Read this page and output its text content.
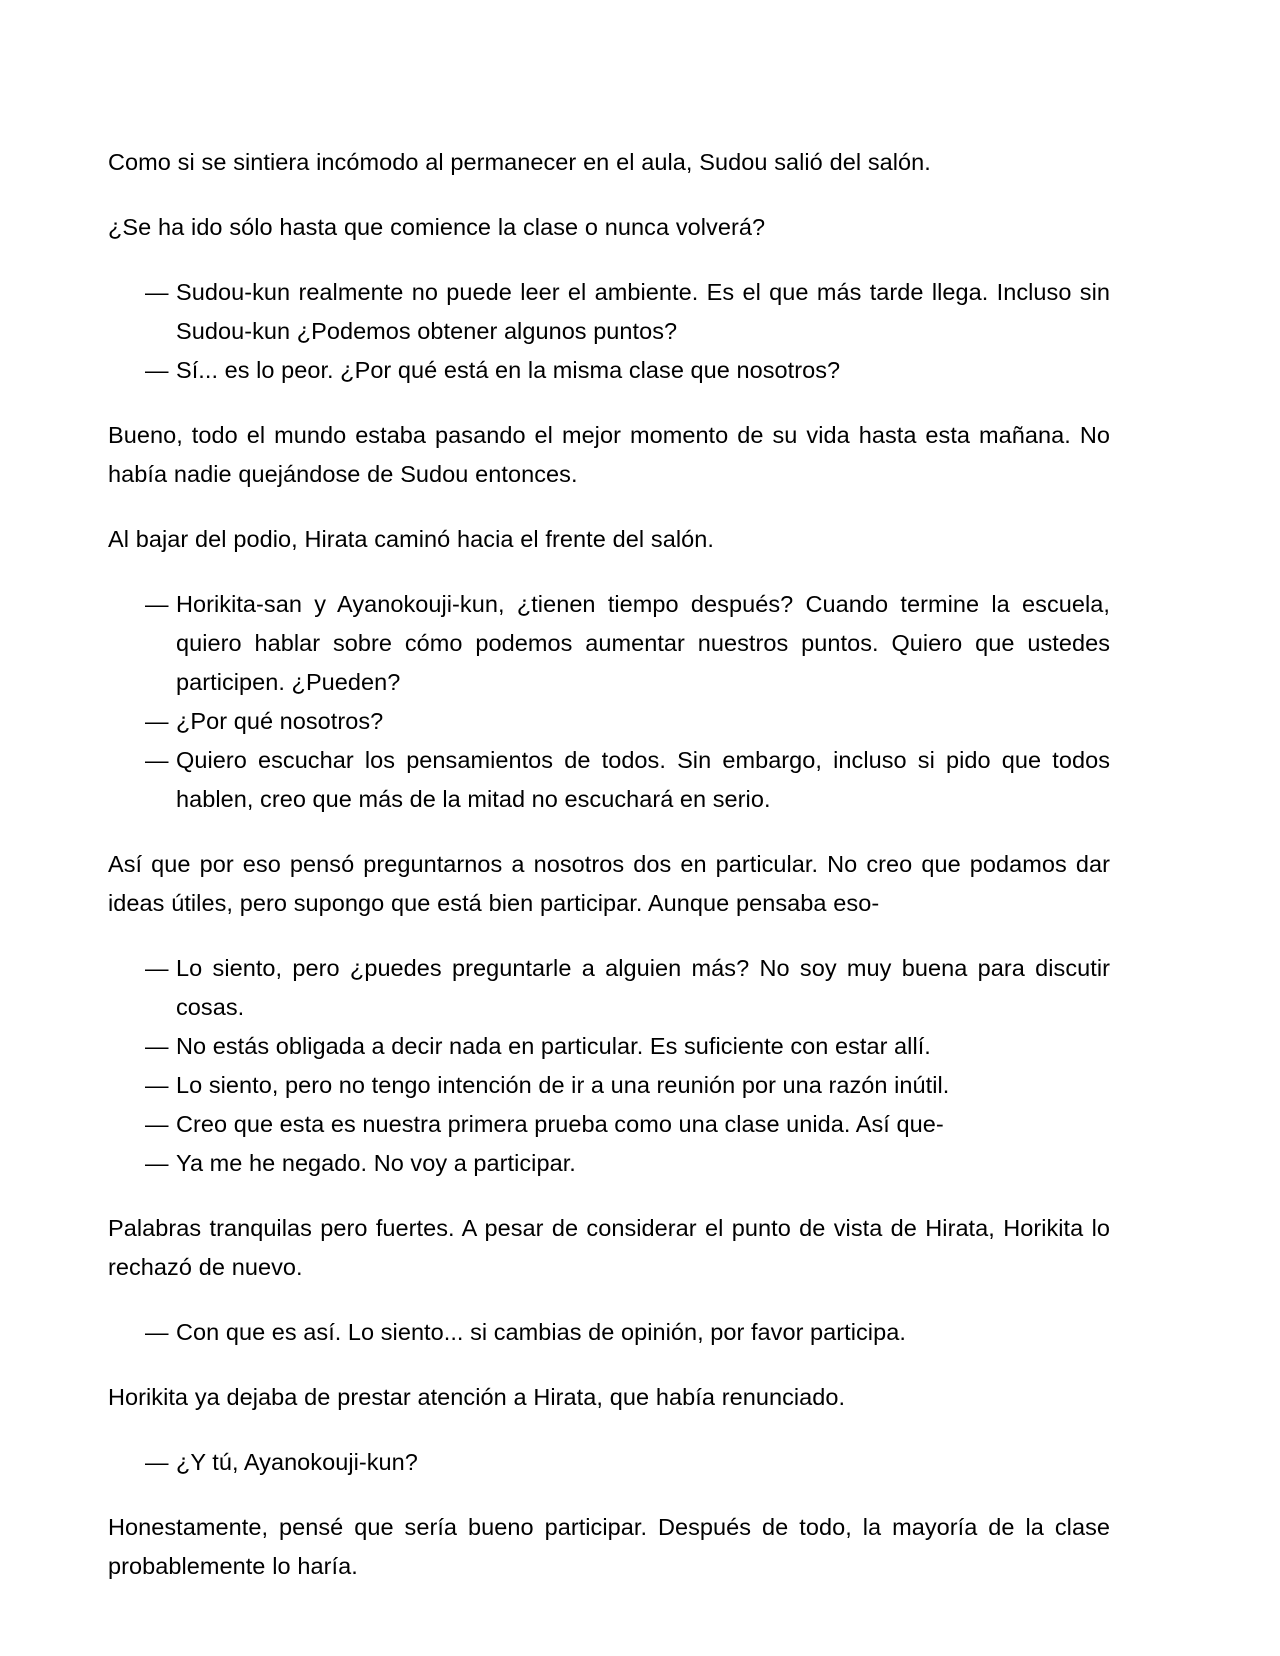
Como si se sintiera incómodo al permanecer en el aula, Sudou salió del salón.

¿Se ha ido sólo hasta que comience la clase o nunca volverá?

— Sudou-kun realmente no puede leer el ambiente. Es el que más tarde llega. Incluso sin Sudou-kun ¿Podemos obtener algunos puntos?

— Sí... es lo peor. ¿Por qué está en la misma clase que nosotros?

Bueno, todo el mundo estaba pasando el mejor momento de su vida hasta esta mañana. No había nadie quejándose de Sudou entonces.

Al bajar del podio, Hirata caminó hacia el frente del salón.

— Horikita-san y Ayanokouji-kun, ¿tienen tiempo después? Cuando termine la escuela, quiero hablar sobre cómo podemos aumentar nuestros puntos. Quiero que ustedes participen. ¿Pueden?

— ¿Por qué nosotros?

— Quiero escuchar los pensamientos de todos. Sin embargo, incluso si pido que todos hablen, creo que más de la mitad no escuchará en serio.

Así que por eso pensó preguntarnos a nosotros dos en particular. No creo que podamos dar ideas útiles, pero supongo que está bien participar. Aunque pensaba eso-

— Lo siento, pero ¿puedes preguntarle a alguien más? No soy muy buena para discutir cosas.

— No estás obligada a decir nada en particular. Es suficiente con estar allí.

— Lo siento, pero no tengo intención de ir a una reunión por una razón inútil.

— Creo que esta es nuestra primera prueba como una clase unida. Así que-

— Ya me he negado. No voy a participar.

Palabras tranquilas pero fuertes. A pesar de considerar el punto de vista de Hirata, Horikita lo rechazó de nuevo.

— Con que es así. Lo siento... si cambias de opinión, por favor participa.

Horikita ya dejaba de prestar atención a Hirata, que había renunciado.

— ¿Y tú, Ayanokouji-kun?

Honestamente, pensé que sería bueno participar. Después de todo, la mayoría de la clase probablemente lo haría.
